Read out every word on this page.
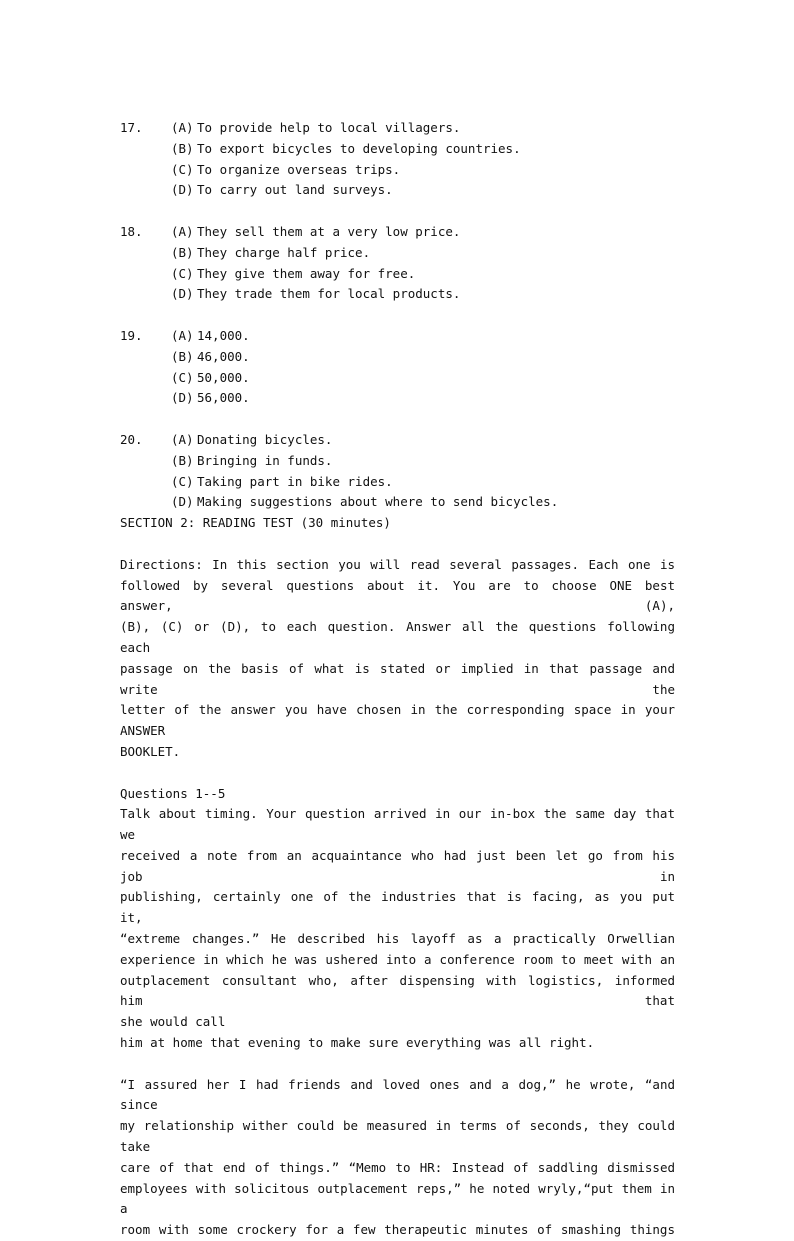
17.	(A) To provide help to local villagers.
(B) To export bicycles to developing countries.
(C) To organize overseas trips.
(D) To carry out land surveys.
18.	(A) They sell them at a very low price.
(B) They charge half price.
(C) They give them away for free.
(D) They trade them for local products.
19.	(A) 14,000.
(B) 46,000.
(C) 50,000.
(D) 56,000.
20.	(A) Donating bicycles.
(B) Bringing in funds.
(C) Taking part in bike rides.
(D) Making suggestions about where to send bicycles.

SECTION 2: READING TEST (30 minutes)

Directions: In this section you will read several passages. Each one is
followed by several questions about it. You are to choose ONE best answer, (A),
(B), (C) or (D), to each question. Answer all the questions following each
passage on the basis of what is stated or implied in that passage and write the
letter of the answer you have chosen in the corresponding space in your ANSWER
BOOKLET.

Questions 1--5

Talk about timing. Your question arrived in our in-box the same day that we
received a note from an acquaintance who had just been let go from his job in
publishing, certainly one of the industries that is facing, as you put it,
“extreme changes.” He described his layoff as a practically Orwellian
experience in which he was ushered into a conference room to meet with an
outplacement consultant who, after dispensing with logistics, informed him that
she would call
him at home that evening to make sure everything was all right.
“I assured her I had friends and loved ones and a dog,” he wrote, “and since
my relationship wither could be measured in terms of seconds, they could take
care of that end of things.” “Memo to HR: Instead of saddling dismissed
employees with solicitous outplacement reps,” he noted wryly,“put them in a
room with some crockery for a few therapeutic minutes of smashing things
